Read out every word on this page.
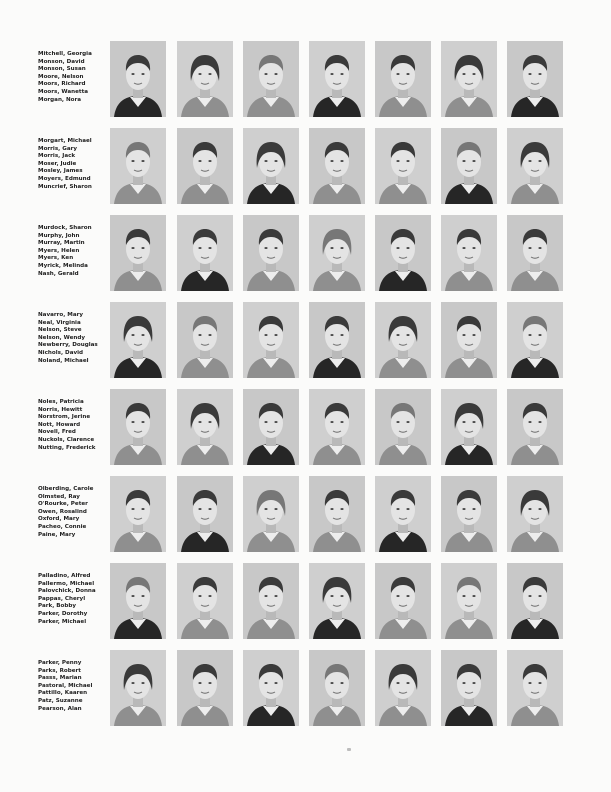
Mitchell, Georgia
Monson, David
Monson, Susan
Moore, Nelson
Moors, Richard
Moors, Wanetta
Morgan, Nora
Morgart, Michael
Morris, Gary
Morris, Jack
Moser, Judie
Mosley, James
Moyers, Edmund
Muncrief, Sharon
Murdock, Sharon
Murphy, John
Murray, Martin
Myers, Helen
Myers, Ken
Myrick, Melinda
Nash, Gerald
Navarro, Mary
Neal, Virginia
Nelson, Steve
Nelson, Wendy
Newberry, Douglas
Nichols, David
Noland, Michael
Noles, Patricia
Norris, Hewitt
Norstrom, Jerine
Nott, Howard
Novell, Fred
Nuckols, Clarence
Nutting, Frederick
Olberding, Carole
Olmsted, Ray
O'Rourke, Peter
Owen, Rosalind
Oxford, Mary
Pacheo, Connie
Paine, Mary
Palladino, Alfred
Pallermo, Michael
Palovchick, Donna
Pappas, Cheryl
Park, Bobby
Parker, Dorothy
Parker, Michael
Parker, Penny
Parks, Robert
Passs, Marian
Pastoral, Michael
Pattillo, Kaaren
Patz, Suzanne
Pearson, Alan
